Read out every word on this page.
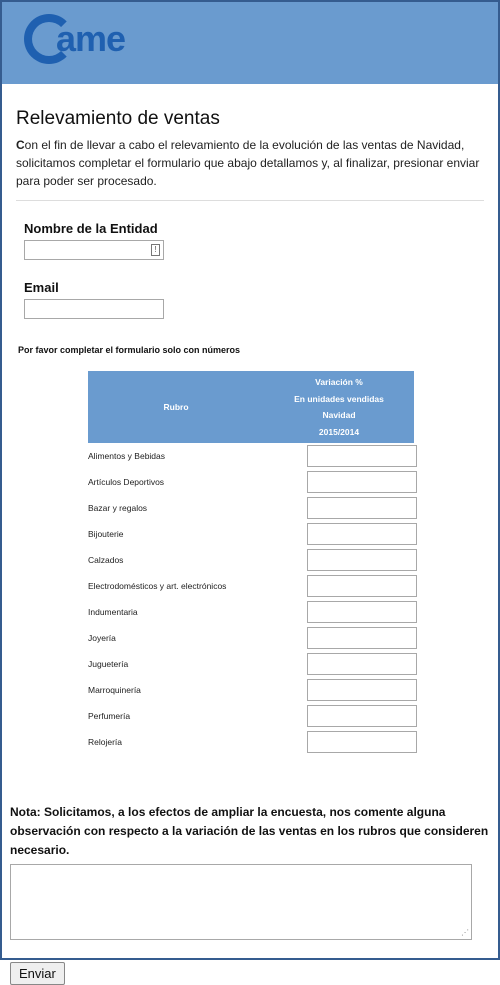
ame
Relevamiento de ventas
Con el fin de llevar a cabo el relevamiento de la evolución de las ventas de Navidad, solicitamos completar el formulario que abajo detallamos y, al finalizar, presionar enviar para poder ser procesado.
Nombre de la Entidad
!
Email
Por favor completar el formulario solo con números
Rubro
Variación %
En unidades vendidas
Navidad
2015/2014
Alimentos y Bebidas
Artículos Deportivos
Bazar y regalos
Bijouterie
Calzados
Electrodomésticos y art. electrónicos
Indumentaria
Joyería
Juguetería
Marroquinería
Perfumería
Relojería
Nota: Solicitamos, a los efectos de ampliar la encuesta, nos comente alguna observación con respecto a la variación de las ventas en los rubros que consideren necesario.
⋰
Enviar
